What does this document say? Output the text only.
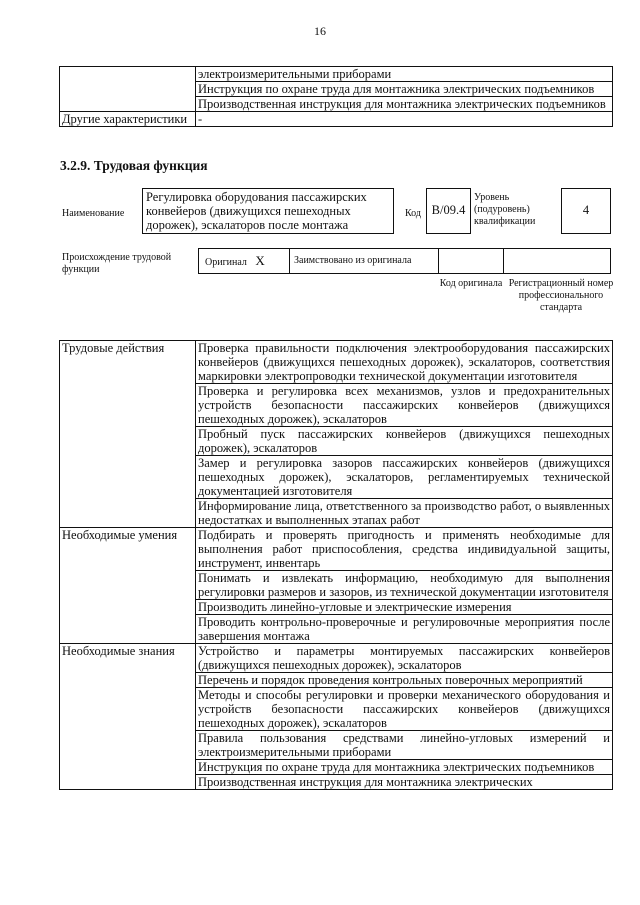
16
	электроизмерительными приборами
	Инструкция по охране труда для монтажника электрических подъемников
	Производственная инструкция для монтажника электрических подъемников
Другие характеристики	-
3.2.9. Трудовая функция
Наименование
Регулировка оборудования пассажирских конвейеров (движущихся пешеходных дорожек), эскалаторов после монтажа
Код B/09.4
Уровень (подуровень) квалификации
4
Происхождение трудовой функции
Оригинал X	Заимствовано из оригинала
Код оригинала Регистрационный номер профессионального стандарта
Трудовые действия	Проверка правильности подключения электрооборудования пассажирских конвейеров (движущихся пешеходных дорожек), эскалаторов, соответствия маркировки электропроводки технической документации изготовителя
	Проверка и регулировка всех механизмов, узлов и предохранительных устройств безопасности пассажирских конвейеров (движущихся пешеходных дорожек), эскалаторов
	Пробный пуск пассажирских конвейеров (движущихся пешеходных дорожек), эскалаторов
	Замер и регулировка зазоров пассажирских конвейеров (движущихся пешеходных дорожек), эскалаторов, регламентируемых технической документацией изготовителя
	Информирование лица, ответственного за производство работ, о выявленных недостатках и выполненных этапах работ
Необходимые умения	Подбирать и проверять пригодность и применять необходимые для выполнения работ приспособления, средства индивидуальной защиты, инструмент, инвентарь
	Понимать и извлекать информацию, необходимую для выполнения регулировки размеров и зазоров, из технической документации изготовителя
	Производить линейно-угловые и электрические измерения
	Проводить контрольно-проверочные и регулировочные мероприятия после завершения монтажа
Необходимые знания	Устройство и параметры монтируемых пассажирских конвейеров (движущихся пешеходных дорожек), эскалаторов
	Перечень и порядок проведения контрольных поверочных мероприятий
	Методы и способы регулировки и проверки механического оборудования и устройств безопасности пассажирских конвейеров (движущихся пешеходных дорожек), эскалаторов
	Правила пользования средствами линейно-угловых измерений и электроизмерительными приборами
	Инструкция по охране труда для монтажника электрических подъемников
	Производственная инструкция для монтажника электрических
